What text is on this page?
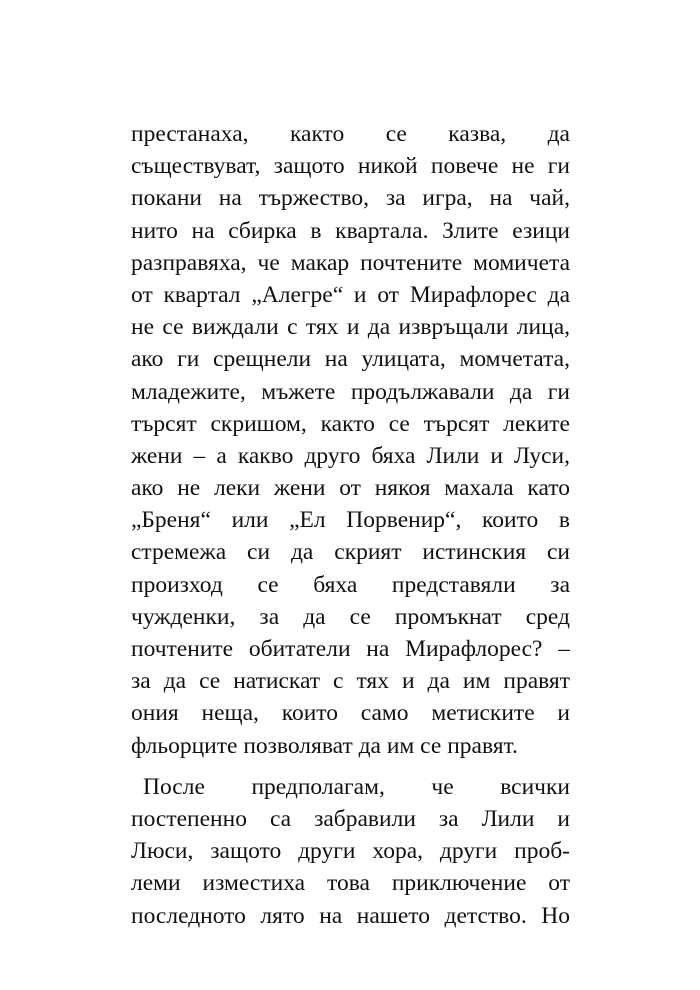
престанаха, както се казва, да
съществуват, защото никой повече не ги
покани на тържество, за игра, на чай,
нито на сбирка в квартала. Злите езици
разправяха, че макар почтените момичета
от квартал „Алегре“ и от Мирафлорес да
не се виждали с тях и да извръщали лица,
ако ги срещнели на улицата, момчетата,
младежите, мъжете продължавали да ги
търсят скришом, както се търсят леките
жени – а какво друго бяха Лили и Луси,
ако не леки жени от някоя махала като
„Бреня“ или „Ел Порвенир“, които в
стремежа си да скрият истинския си
произход се бяха представяли за
чужденки, за да се промъкнат сред
почтените обитатели на Мирафлорес? –
за да се натискат с тях и да им правят
ония неща, които само метиските и
фльорците позволяват да им се правят.
После предполагам, че всички
постепенно са забравили за Лили и
Люси, защото други хора, други проб-
леми изместиха това приключение от
последното лято на нашето детство. Но
